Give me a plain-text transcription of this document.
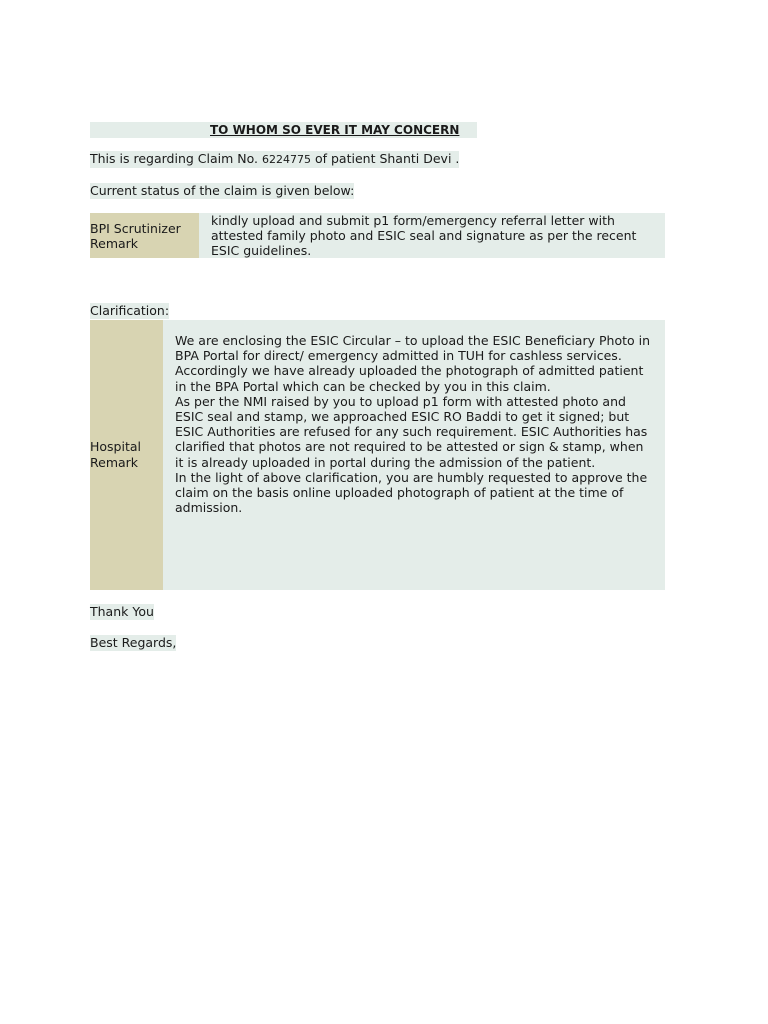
TO WHOM SO EVER IT MAY CONCERN
This is regarding Claim No. 6224775 of patient Shanti Devi .
Current status of the claim is given below:
BPI Scrutinizer
Remark
kindly upload and submit p1 form/emergency referral letter with
attested family photo and ESIC seal and signature as per the recent
ESIC guidelines.
Clarification:
Hospital
Remark

We are enclosing the ESIC Circular – to upload the ESIC Beneficiary Photo in

BPA Portal for direct/ emergency admitted in TUH for cashless services.

Accordingly we have already uploaded the photograph of admitted patient

in the BPA Portal which can be checked by you in this claim.

As per the NMI raised by you to upload p1 form with attested photo and

ESIC seal and stamp, we approached ESIC RO Baddi to get it signed; but

ESIC Authorities are refused for any such requirement. ESIC Authorities has

clarified that photos are not required to be attested or sign & stamp, when

it is already uploaded in portal during the admission of the patient.

In the light of above clarification, you are humbly requested to approve the

claim on the basis online uploaded photograph of patient at the time of

admission.

Thank You
Best Regards,
